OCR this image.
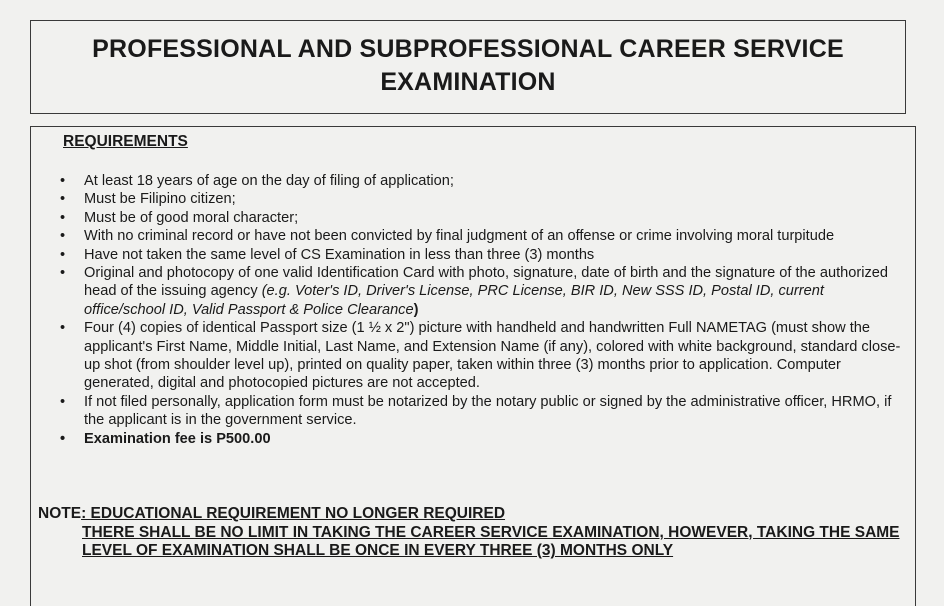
PROFESSIONAL AND SUBPROFESSIONAL CAREER SERVICE
EXAMINATION
REQUIREMENTS
• At least 18 years of age on the day of filing of application;
• Must be Filipino citizen;
• Must be of good moral character;
• With no criminal record or have not been convicted by final judgment of an offense or crime involving moral turpitude
• Have not taken the same level of CS Examination in less than three (3) months
• Original and photocopy of one valid Identification Card with photo, signature, date of birth and the signature of the authorized head of the issuing agency (e.g. Voter's ID, Driver's License, PRC License, BIR ID, New SSS ID, Postal ID, current office/school ID, Valid Passport & Police Clearance)
• Four (4) copies of identical Passport size (1 ½ x 2") picture with handheld and handwritten Full NAMETAG (must show the applicant's First Name, Middle Initial, Last Name, and Extension Name (if any), colored with white background, standard close-up shot (from shoulder level up), printed on quality paper, taken within three (3) months prior to application. Computer generated, digital and photocopied pictures are not accepted.
• If not filed personally, application form must be notarized by the notary public or signed by the administrative officer, HRMO, if the applicant is in the government service.
• Examination fee is P500.00
NOTE: EDUCATIONAL REQUIREMENT NO LONGER REQUIRED
THERE SHALL BE NO LIMIT IN TAKING THE CAREER SERVICE EXAMINATION, HOWEVER, TAKING THE SAME LEVEL OF EXAMINATION SHALL BE ONCE IN EVERY THREE (3) MONTHS ONLY
